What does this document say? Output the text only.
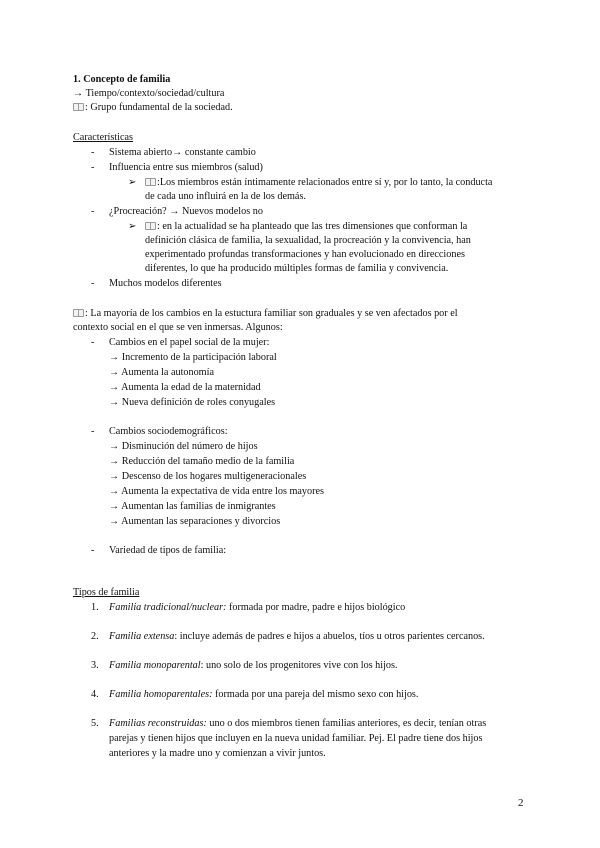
1. Concepto de familia
→ Tiempo/contexto/sociedad/cultura
: Grupo fundamental de la sociedad.
Características
- Sistema abierto→ constante cambio
- Influencia entre sus miembros (salud)
➢	:Los miembros están íntimamente relacionados entre sí y, por lo tanto, la conducta
de cada uno influirá en la de los demás.
- ¿Procreación? → Nuevos modelos no
➢	: en la actualidad se ha planteado que las tres dimensiones que conforman la
definición clásica de familia, la sexualidad, la procreación y la convivencia, han
experimentado profundas transformaciones y han evolucionado en direcciones
diferentes, lo que ha producido múltiples formas de familia y convivencia.
- Muchos modelos diferentes
: La mayoría de los cambios en la estuctura familiar son graduales y se ven afectados por el
contexto social en el que se ven inmersas. Algunos:
- Cambios en el papel social de la mujer:
→ Incremento de la participación laboral
→ Aumenta la autonomía
→ Aumenta la edad de la maternidad
→ Nueva definición de roles conyugales
- Cambios sociodemográficos:
→ Disminución del número de hijos
→ Reducción del tamaño medio de la familia
→ Descenso de los hogares multigeneracionales
→ Aumenta la expectativa de vida entre los mayores
→ Aumentan las familias de inmigrantes
→ Aumentan las separaciones y divorcios
- Variedad de tipos de familia:
Tipos de familia
1. Familia tradicional/nuclear: formada por madre, padre e hijos biológico
2. Familia extensa: incluye además de padres e hijos a abuelos, tíos u otros parientes cercanos.
3. Familia monoparental: uno solo de los progenitores vive con los hijos.
4. Familia homoparentales: formada por una pareja del mismo sexo con hijos.
5. Familias reconstruidas: uno o dos miembros tienen familias anteriores, es decir, tenían otras
parejas y tienen hijos que incluyen en la nueva unidad familiar. Pej. El padre tiene dos hijos
anteriores y la madre uno y comienzan a vivir juntos.
2
